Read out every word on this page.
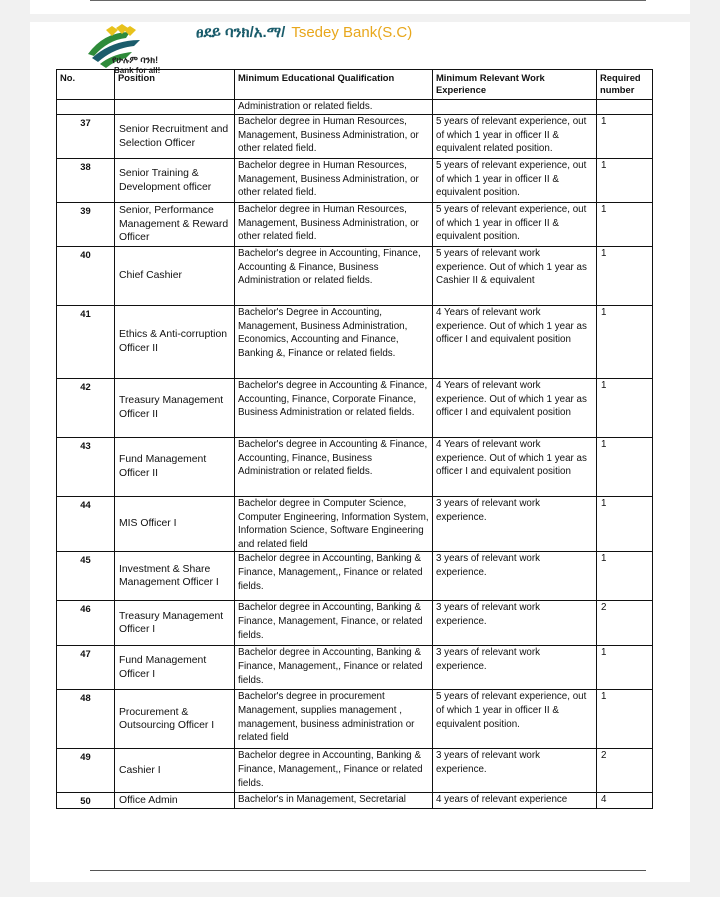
ፀደይ ባንክ/አ.ማ/ Tsedey Bank(S.C)
የሁሉም ባንክ!
Bank for all!
No.	Position	Minimum Educational Qualification	Minimum Relevant Work Experience	Required number
		Administration or related fields.		
37	Senior Recruitment and Selection Officer	Bachelor degree in Human Resources, Management, Business Administration, or other related field.	5 years of relevant experience, out of which 1 year in officer II & equivalent related position.	1
38	Senior Training & Development officer	Bachelor degree in Human Resources, Management, Business Administration, or other related field.	5 years of relevant experience, out of which 1 year in officer II & equivalent position.	1
39	Senior, Performance Management & Reward Officer	Bachelor degree in Human Resources, Management, Business Administration, or other related field.	5 years of relevant experience, out of which 1 year in officer II & equivalent position.	1
40	Chief Cashier	Bachelor's degree in Accounting, Finance, Accounting & Finance, Business Administration or related fields.	5 years of relevant work experience. Out of which 1 year as Cashier II & equivalent	1
41	Ethics & Anti-corruption Officer II	Bachelor's Degree in Accounting, Management, Business Administration, Economics, Accounting and Finance, Banking &, Finance or related fields.	4 Years of relevant work experience. Out of which 1 year as officer I and equivalent position	1
42	Treasury Management Officer II	Bachelor's degree in Accounting & Finance, Accounting, Finance, Corporate Finance, Business Administration or related fields.	4 Years of relevant work experience. Out of which 1 year as officer I and equivalent position	1
43	Fund Management Officer II	Bachelor's degree in Accounting & Finance, Accounting, Finance, Business Administration or related fields.	4 Years of relevant work experience. Out of which 1 year as officer I and equivalent position	1
44	MIS Officer I	Bachelor degree in Computer Science, Computer Engineering, Information System, Information Science, Software Engineering and related field	3 years of relevant work experience.	1
45	Investment & Share Management Officer I	Bachelor degree in Accounting, Banking & Finance, Management,, Finance or related fields.	3 years of relevant work experience.	1
46	Treasury Management Officer I	Bachelor degree in Accounting, Banking & Finance, Management, Finance, or related fields.	3 years of relevant work experience.	2
47	Fund Management Officer I	Bachelor degree in Accounting, Banking & Finance, Management,, Finance or related fields.	3 years of relevant work experience.	1
48	Procurement & Outsourcing Officer I	Bachelor's degree in procurement Management, supplies management , management, business administration or related field	5 years of relevant experience, out of which 1 year in officer II & equivalent position.	1
49	Cashier I	Bachelor degree in Accounting, Banking & Finance, Management,, Finance or related fields.	3 years of relevant work experience.	2
50	Office Admin	Bachelor's in Management, Secretarial	4 years of relevant experience	4
